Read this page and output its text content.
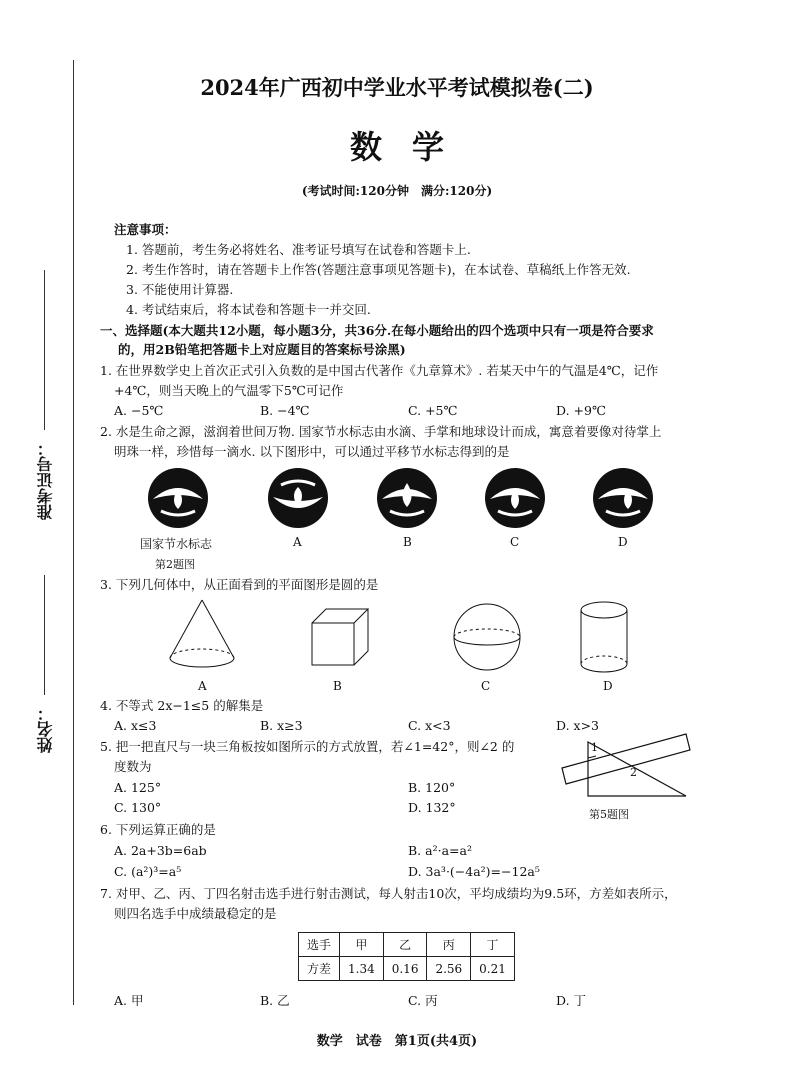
准考证号：
姓名：
2024年广西初中学业水平考试模拟卷(二)
数学
(考试时间:120分钟　满分:120分)
注意事项：
1. 答题前，考生务必将姓名、准考证号填写在试卷和答题卡上.
2. 考生作答时，请在答题卡上作答(答题注意事项见答题卡)，在本试卷、草稿纸上作答无效.
3. 不能使用计算器.
4. 考试结束后，将本试卷和答题卡一并交回.
一、选择题(本大题共12小题，每小题3分，共36分.在每小题给出的四个选项中只有一项是符合要求
的，用2B铅笔把答题卡上对应题目的答案标号涂黑)
1. 在世界数学史上首次正式引入负数的是中国古代著作《九章算术》. 若某天中午的气温是4℃，记作
+4℃，则当天晚上的气温零下5℃可记作
A. −5℃	B. −4℃	C. +5℃	D. +9℃
2. 水是生命之源，滋润着世间万物. 国家节水标志由水滴、手掌和地球设计而成，寓意着要像对待掌上
明珠一样，珍惜每一滴水. 以下图形中，可以通过平移节水标志得到的是
国家节水标志	A	B	C	D
第2题图
3. 下列几何体中，从正面看到的平面图形是圆的是
A	B	C	D
4. 不等式 2x−1≤5 的解集是
A. x≤3	B. x≥3	C. x<3	D. x>3
5. 把一把直尺与一块三角板按如图所示的方式放置，若∠1=42°，则∠2 的
度数为
A. 125°	B. 120°
C. 130°	D. 132°
1
2
第5题图
6. 下列运算正确的是
A. 2a+3b=6ab	B. a²·a=a²
C. (a²)³=a⁵	D. 3a³·(−4a²)=−12a⁵
7. 对甲、乙、丙、丁四名射击选手进行射击测试，每人射击10次，平均成绩均为9.5环，方差如表所示，
则四名选手中成绩最稳定的是
选手	甲	乙	丙	丁
方差	1.34	0.16	2.56	0.21
A. 甲	B. 乙	C. 丙	D. 丁
数学　试卷　第1页(共4页)
